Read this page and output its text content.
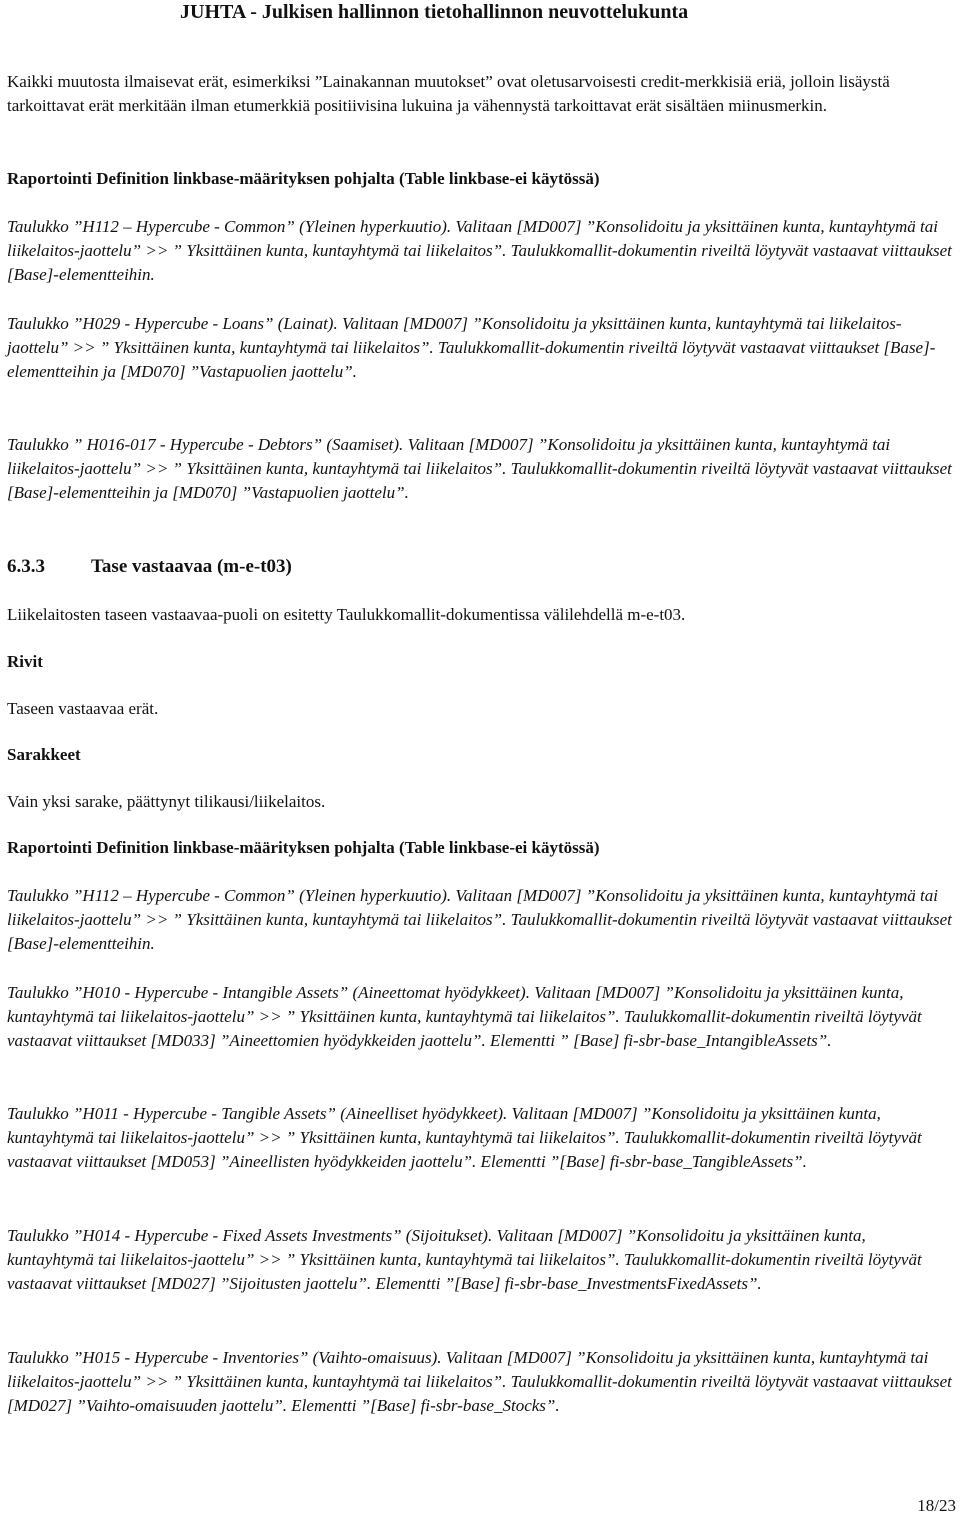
JUHTA - Julkisen hallinnon tietohallinnon neuvottelukunta

Kaikki muutosta ilmaisevat erät, esimerkiksi ”Lainakannan muutokset” ovat oletusarvoisesti credit-merkkisiä eriä, jolloin lisäystä tarkoittavat erät merkitään ilman etumerkkiä positiivisina lukuina ja vähennystä tarkoittavat erät sisältäen miinusmerkin.

Raportointi Definition linkbase-määrityksen pohjalta (Table linkbase-ei käytössä)

Taulukko ”H112 – Hypercube - Common” (Yleinen hyperkuutio). Valitaan [MD007] ”Konsolidoitu ja yksittäinen kunta, kuntayhtymä tai liikelaitos-jaottelu” >> ” Yksittäinen kunta, kuntayhtymä tai liikelaitos”. Taulukkomallit-dokumentin riveiltä löytyvät vastaavat viittaukset [Base]-elementteihin.

Taulukko ”H029 - Hypercube - Loans” (Lainat). Valitaan [MD007] ”Konsolidoitu ja yksittäinen kunta, kuntayhtymä tai liikelaitos-jaottelu” >> ” Yksittäinen kunta, kuntayhtymä tai liikelaitos”. Taulukkomallit-dokumentin riveiltä löytyvät vastaavat viittaukset [Base]-elementteihin ja [MD070] ”Vastapuolien jaottelu”.

Taulukko ” H016-017 - Hypercube - Debtors” (Saamiset). Valitaan [MD007] ”Konsolidoitu ja yksittäinen kunta, kuntayhtymä tai liikelaitos-jaottelu” >> ” Yksittäinen kunta, kuntayhtymä tai liikelaitos”. Taulukkomallit-dokumentin riveiltä löytyvät vastaavat viittaukset [Base]-elementteihin ja [MD070] ”Vastapuolien jaottelu”.

6.3.3 Tase vastaavaa (m-e-t03)

Liikelaitosten taseen vastaavaa-puoli on esitetty Taulukkomallit-dokumentissa välilehdellä m-e-t03.

Rivit

Taseen vastaavaa erät.

Sarakkeet

Vain yksi sarake, päättynyt tilikausi/liikelaitos.

Raportointi Definition linkbase-määrityksen pohjalta (Table linkbase-ei käytössä)

Taulukko ”H112 – Hypercube - Common” (Yleinen hyperkuutio). Valitaan [MD007] ”Konsolidoitu ja yksittäinen kunta, kuntayhtymä tai liikelaitos-jaottelu” >> ” Yksittäinen kunta, kuntayhtymä tai liikelaitos”. Taulukkomallit-dokumentin riveiltä löytyvät vastaavat viittaukset [Base]-elementteihin.

Taulukko ”H010 - Hypercube - Intangible Assets” (Aineettomat hyödykkeet). Valitaan [MD007] ”Konsolidoitu ja yksittäinen kunta, kuntayhtymä tai liikelaitos-jaottelu” >> ” Yksittäinen kunta, kuntayhtymä tai liikelaitos”. Taulukkomallit-dokumentin riveiltä löytyvät vastaavat viittaukset [MD033] ”Aineettomien hyödykkeiden jaottelu”. Elementti ” [Base] fi-sbr-base_IntangibleAssets”.

Taulukko ”H011 - Hypercube - Tangible Assets” (Aineelliset hyödykkeet). Valitaan [MD007] ”Konsolidoitu ja yksittäinen kunta, kuntayhtymä tai liikelaitos-jaottelu” >> ” Yksittäinen kunta, kuntayhtymä tai liikelaitos”. Taulukkomallit-dokumentin riveiltä löytyvät vastaavat viittaukset [MD053] ”Aineellisten hyödykkeiden jaottelu”. Elementti ”[Base] fi-sbr-base_TangibleAssets”.

Taulukko ”H014 - Hypercube - Fixed Assets Investments” (Sijoitukset). Valitaan [MD007] ”Konsolidoitu ja yksittäinen kunta, kuntayhtymä tai liikelaitos-jaottelu” >> ” Yksittäinen kunta, kuntayhtymä tai liikelaitos”. Taulukkomallit-dokumentin riveiltä löytyvät vastaavat viittaukset [MD027] ”Sijoitusten jaottelu”. Elementti ”[Base] fi-sbr-base_InvestmentsFixedAssets”.

Taulukko ”H015 - Hypercube - Inventories” (Vaihto-omaisuus). Valitaan [MD007] ”Konsolidoitu ja yksittäinen kunta, kuntayhtymä tai liikelaitos-jaottelu” >> ” Yksittäinen kunta, kuntayhtymä tai liikelaitos”. Taulukkomallit-dokumentin riveiltä löytyvät vastaavat viittaukset [MD027] ”Vaihto-omaisuuden jaottelu”. Elementti ”[Base] fi-sbr-base_Stocks”.

18/23
